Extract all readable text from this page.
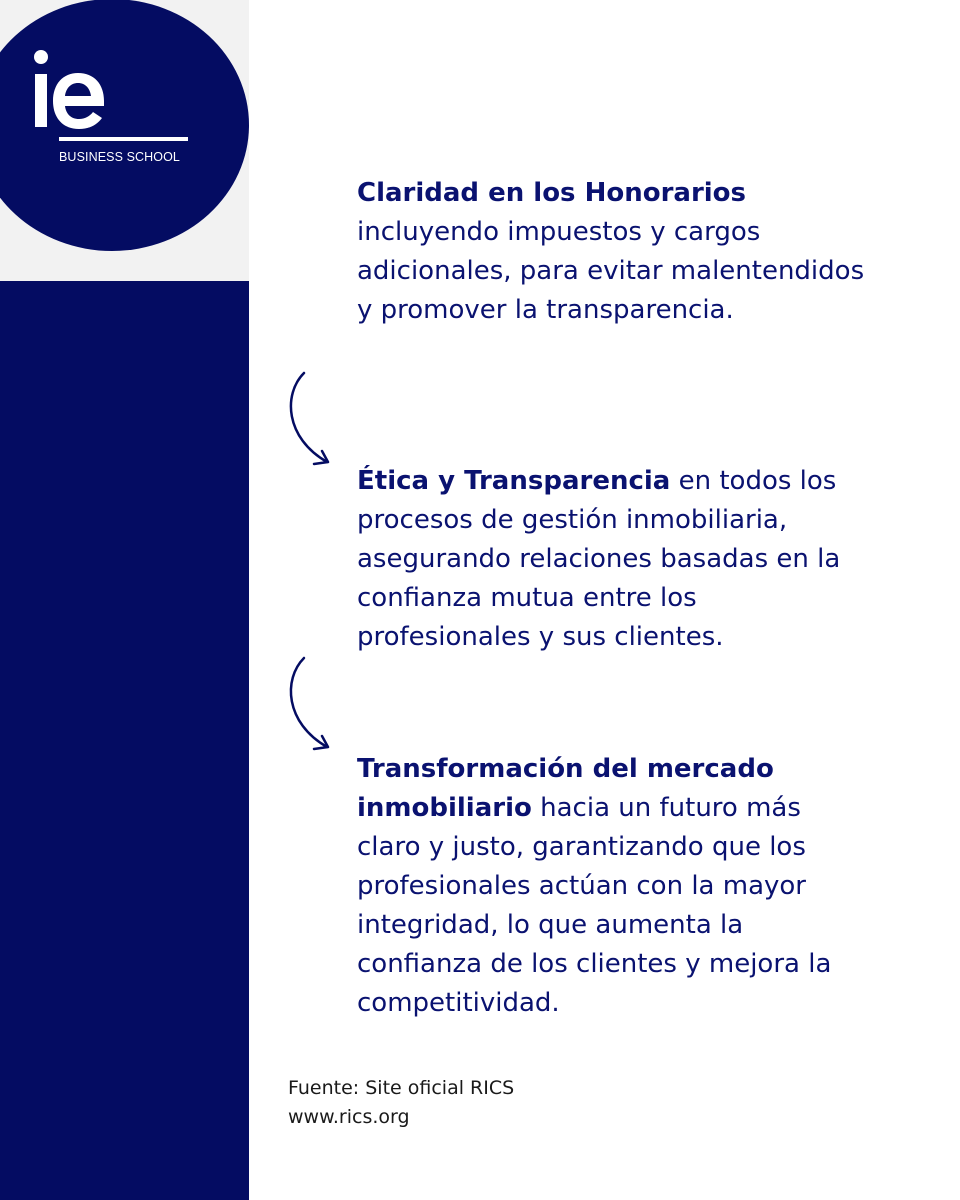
BUSINESS SCHOOL

Claridad en los Honorarios
incluyendo impuestos y cargos adicionales, para evitar malentendidos y promover la transparencia.

Ética y Transparencia en todos los procesos de gestión inmobiliaria, asegurando relaciones basadas en la confianza mutua entre los profesionales y sus clientes.

Transformación del mercado inmobiliario hacia un futuro más claro y justo, garantizando que los profesionales actúan con la mayor integridad, lo que aumenta la confianza de los clientes y mejora la competitividad.

Fuente: Site oficial RICS
www.rics.org
